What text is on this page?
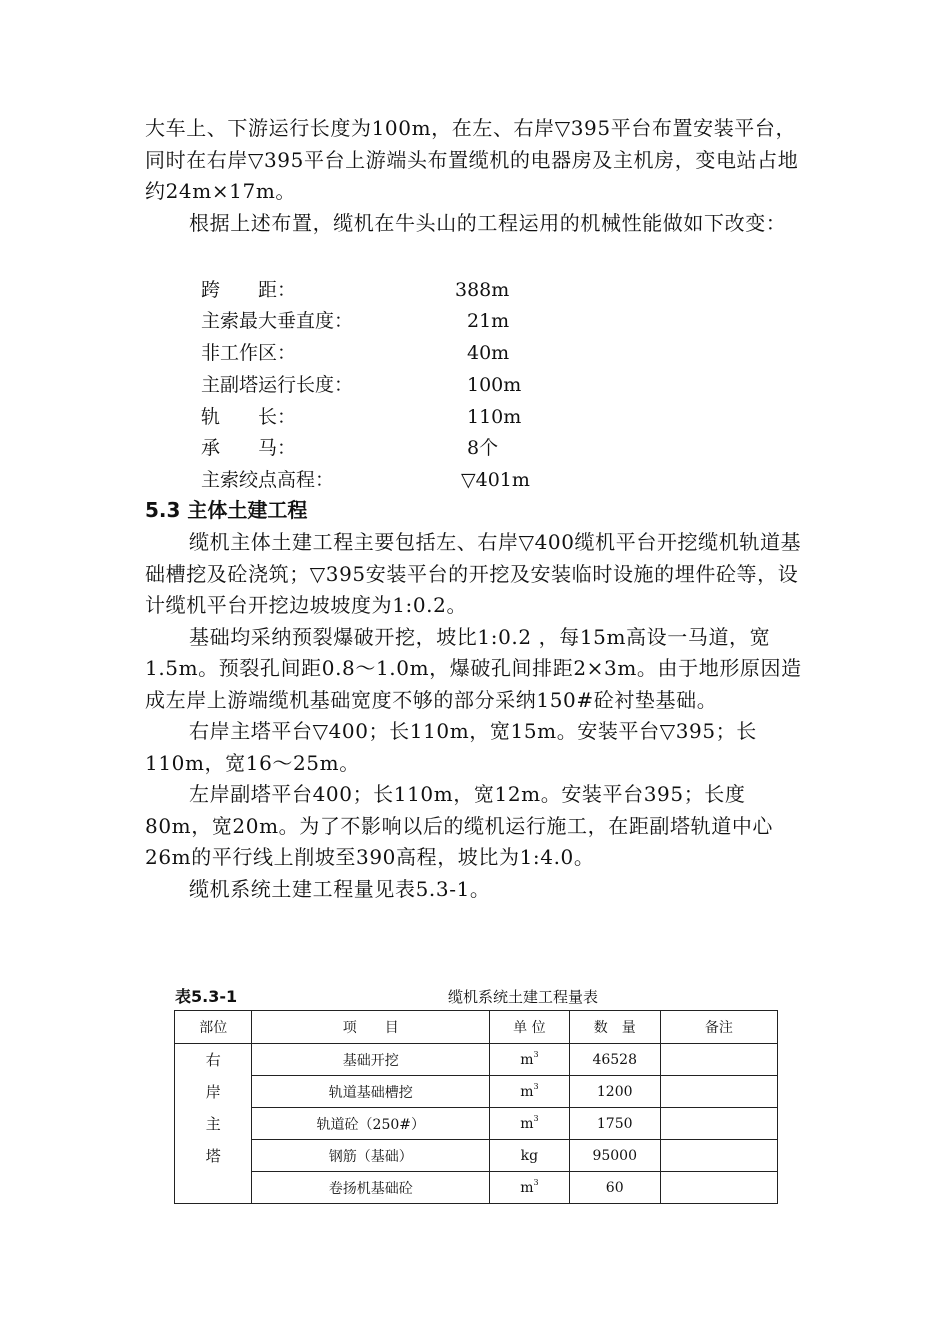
大车上、下游运行长度为100m，在左、右岸▽395平台布置安装平台，同时在右岸▽395平台上游端头布置缆机的电器房及主机房，变电站占地约24m×17m。

根据上述布置，缆机在牛头山的工程运用的机械性能做如下改变：

跨　　距：	388m
主索最大垂直度：	21m
非工作区：	40m
主副塔运行长度：	100m
轨　　长：	110m
承　　马：	8个
主索绞点高程：	▽401m
5.3 主体土建工程

缆机主体土建工程主要包括左、右岸▽400缆机平台开挖缆机轨道基础槽挖及砼浇筑；▽395安装平台的开挖及安装临时设施的埋件砼等，设计缆机平台开挖边坡坡度为1:0.2。

基础均采纳预裂爆破开挖，坡比1:0.2 ，每15m高设一马道，宽1.5m。预裂孔间距0.8～1.0m，爆破孔间排距2×3m。由于地形原因造成左岸上游端缆机基础宽度不够的部分采纳150#砼衬垫基础。

右岸主塔平台▽400；长110m，宽15m。安装平台▽395；长110m，宽16～25m。

左岸副塔平台400；长110m，宽12m。安装平台395；长度80m，宽20m。为了不影响以后的缆机运行施工，在距副塔轨道中心26m的平行线上削坡至390高程，坡比为1:4.0。

缆机系统土建工程量见表5.3-1。

表5.3-1	缆机系统土建工程量表
部位	项　　目	单 位	数　量	备注

右
岸
主
塔	基础开挖	$m^3$	46528	
	轨道基础槽挖	$m^3$	1200	
	轨道砼（250#）	$m^3$	1750	
	钢筋（基础）	kg	95000	
	卷扬机基础砼	$m^3$	60	
